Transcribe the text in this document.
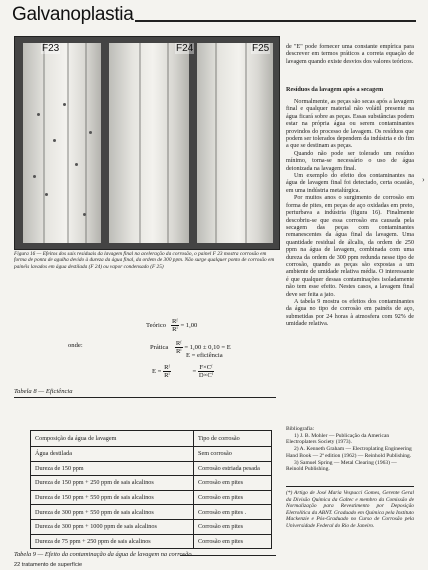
Galvanoplastia
F23	F24	F25
Figura 16 — Efeitos dos sais residuais da lavagem final na aceleração da corrosão, o painel F 23 mostra corrosão em forma de ponta de agulha devido à dureza da água final, da ordem de 300 ppm. Não surge qualquer ponto de corrosão em painéis lavados em água destilada (F 24) ou vapor condensado (F 25)
Teórico $\frac{\text{Rᶠ}}{\text{Rⁱ}} = 1,00$
Prática $\frac{\text{Rᶠ}}{\text{Rⁱ}} = 1,00 \pm 0,10 = E$
onde:
E = eficiência
$E = \frac{\text{Rᶠ}}{\text{Rⁱ}}$	= $\frac{\text{F×Cᶠ}}{\text{D×Cⁱ}}$
Tabela 8 — Eficiência
Composição da água de lavagem	Tipo de corrosão
Água destilada	Sem corrosão
Dureza de 150 ppm	Corrosão estriada pesada
Dureza de 150 ppm + 250 ppm de sais alcalinos	Corrosão em pites
Dureza de 150 ppm + 550 ppm de sais alcalinos	Corrosão em pites
Dureza de 300 ppm + 550 ppm de sais alcalinos	Corrosão em pites .
Dureza de 300 ppm + 1000 ppm de sais alcalinos	Corrosão em pites
Dureza de 75 ppm + 250 ppm de sais alcalinos	Corrosão em pites
Tabela 9 — Efeito da contaminação da água de lavagem na corrosão

de "E" pode fornecer uma constante empírica para descrever em termos práticos a correta equação de lavagem quando existe desvios dos valores teóricos.

Resíduos da lavagem após a secagem

Normalmente, as peças são secas após a lavagem final e qualquer material não volátil presente na água ficará sobre as peças. Essas substâncias podem estar na própria água ou serem contaminantes provindos do processo de lavagem. Os resíduos que podem ser tolerados dependem da indústria e do fim a que se destinam as peças.

Quando não pode ser tolerado um resíduo mínimo, torna-se necessário o uso de água deionizada na lavagem final.

Um exemplo do efeito dos contaminantes na água de lavagem final foi detectado, certa ocasião, em uma indústria metalúrgica.

Por muitos anos o surgimento de corrosão em forma de pites, em peças de aço oxidadas em preto, perturbava a indústria (figura 16). Finalmente descobriu-se que essa corrosão era causada pela secagem das peças com contaminantes remanescentes da água final da lavagem. Uma quantidade residual de álcalis, da ordem de 250 ppm na água de lavagem, combinada com uma dureza da ordem de 300 ppm redunda nesse tipo de corrosão, quando as peças são expostas a um ambiente de umidade relativa média. O interessante é que qualquer dessas contaminações isoladamente não tem esse efeito. Nestes casos, a lavagem final deve ser feita a jato.

A tabela 9 mostra os efeitos dos contaminantes da água no tipo de corrosão em painéis de aço, submetidas por 24 horas à atmosfera com 92% de umidade relativa.

Bibliografia:

1) J. B. Mohler — Publicação da American Electroplaters Society (1973).

2) A. Kenneth Graham — Electroplating Engineering Hand Book — 2ª edition (1962) — Reinhold Publishing.

3) Samuel Spring — Metal Clearing (1963) — Reinold Publishing.

(*) Artigo de José Maria Vespucci Gomes, Gerente Geral da Divisão Química da Galtec e membro da Comissão de Normalização para Revestimento por Deposição Eletrolítica da ABNT. Graduado em Química pela Instituto Mackenzie e Pós-Graduado no Curso de Corrosão pela Universidade Federal do Rio de Janeiro.
22 tratamento de superfície
›
